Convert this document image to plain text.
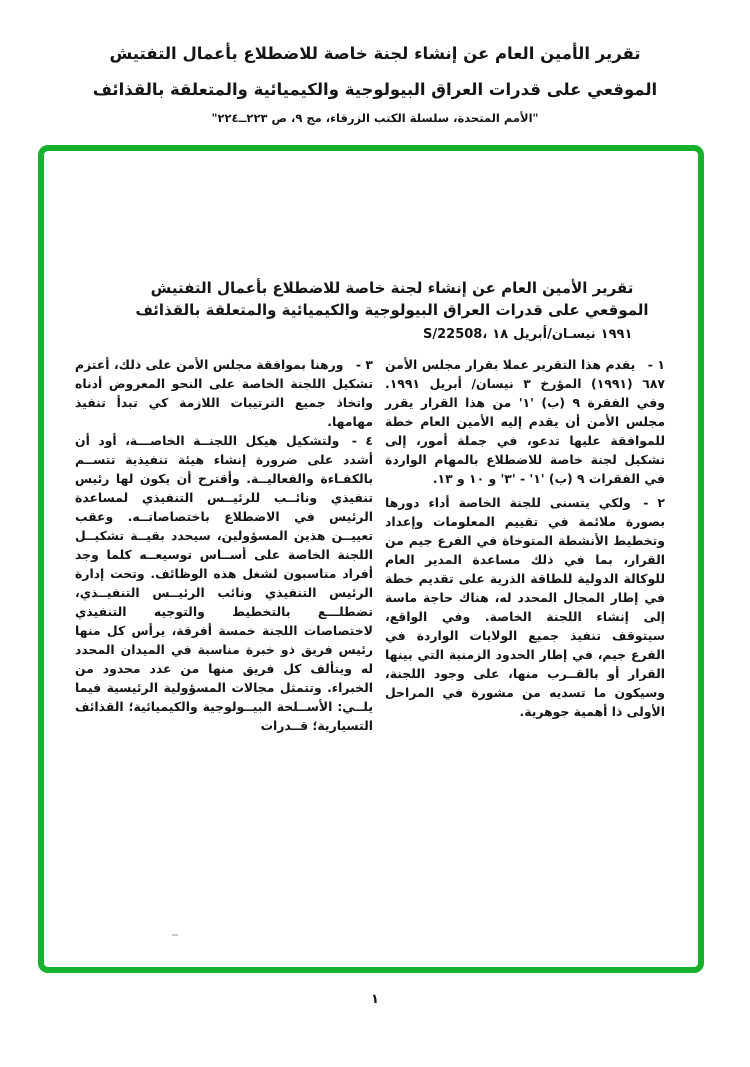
تقرير الأمين العام عن إنشاء لجنة خاصة للاضطلاع بأعمال التفتيش
الموقعي على قدرات العراق البيولوجية والكيميائية والمتعلقة بالقذائف
"الأمم المتحدة، سلسلة الكتب الزرقاء، مج ٩، ص ٢٢٣ــ٢٢٤"
تقرير الأمين العام عن إنشاء لجنة خاصة للاضطلاع بأعمال التفتيش
الموقعي على قدرات العراق البيولوجية والكيميائية والمتعلقة بالقذائف
S/22508، ١٨ نيسـان/أبريل ١٩٩١

١ - يقدم هذا التقرير عملا بقرار مجلس الأمن ٦٨٧ (١٩٩١) المؤرخ ٣ نيسان/ أبريل ١٩٩١. وفي الفقرة ٩ (ب) '١' من هذا القرار يقرر مجلس الأمن أن يقدم إليه الأمين العام خطة للموافقة عليها تدعو، في جملة أمور، إلى تشكيل لجنة خاصة للاضطلاع بالمهام الواردة في الفقرات ٩ (ب) '١' - '٣' و ١٠ و ١٣.

٢ - ولكي يتسنى للجنة الخاصة أداء دورها بصورة ملائمة في تقييم المعلومات وإعداد وتخطيط الأنشطة المتوخاة في الفرع جيم من القرار، بما في ذلك مساعدة المدير العام للوكالة الدولية للطاقة الذرية على تقديم خطة في إطار المجال المحدد له، هناك حاجة ماسة إلى إنشاء اللجنة الخاصة. وفي الواقع، سيتوقف تنفيذ جميع الولايات الواردة في الفرع جيم، في إطار الحدود الزمنية التي بينها القرار أو بالقــرب منها، على وجود اللجنة، وسيكون ما تسديه من مشورة في المراحل الأولى ذا أهمية جوهرية.

٣ - ورهنا بموافقة مجلس الأمن على ذلك، أعتزم تشكيل اللجنة الخاصة على النحو المعروض أدناه واتخاذ جميع الترتيبات اللازمة كي تبدأ تنفيذ مهامها.

٤ - ولتشكيل هيكل اللجنــة الخاصـــة، أود أن أشدد على ضرورة إنشاء هيئة تنفيذية تتســم بالكفـاءة والفعاليــة. وأقترح أن يكون لها رئيس تنفيذي ونائــب للرئيــس التنفيذي لمساعدة الرئيس في الاضطلاع باختصاصاتــه. وعقب تعييــن هذين المسؤولين، سيحدد بقيــة تشكيــل اللجنة الخاصة على أســاس توسيعــه كلما وجد أفراد مناسبون لشغل هذه الوظائف. وتحت إدارة الرئيس التنفيذي ونائب الرئيــس التنفيــذي، تضطلـــع بالتخطيط والتوجيه التنفيذي لاختصاصات اللجنة خمسة أفرقة، يرأس كل منها رئيس فريق ذو خبرة مناسبة في الميدان المحدد له ويتألف كل فريق منها من عدد محدود من الخبراء. وتتمثل مجالات المسؤولية الرئيسية فيما يلــي: الأســلحة البيــولوجية والكيميائية؛ القذائف التسيارية؛ قــدرات

١
